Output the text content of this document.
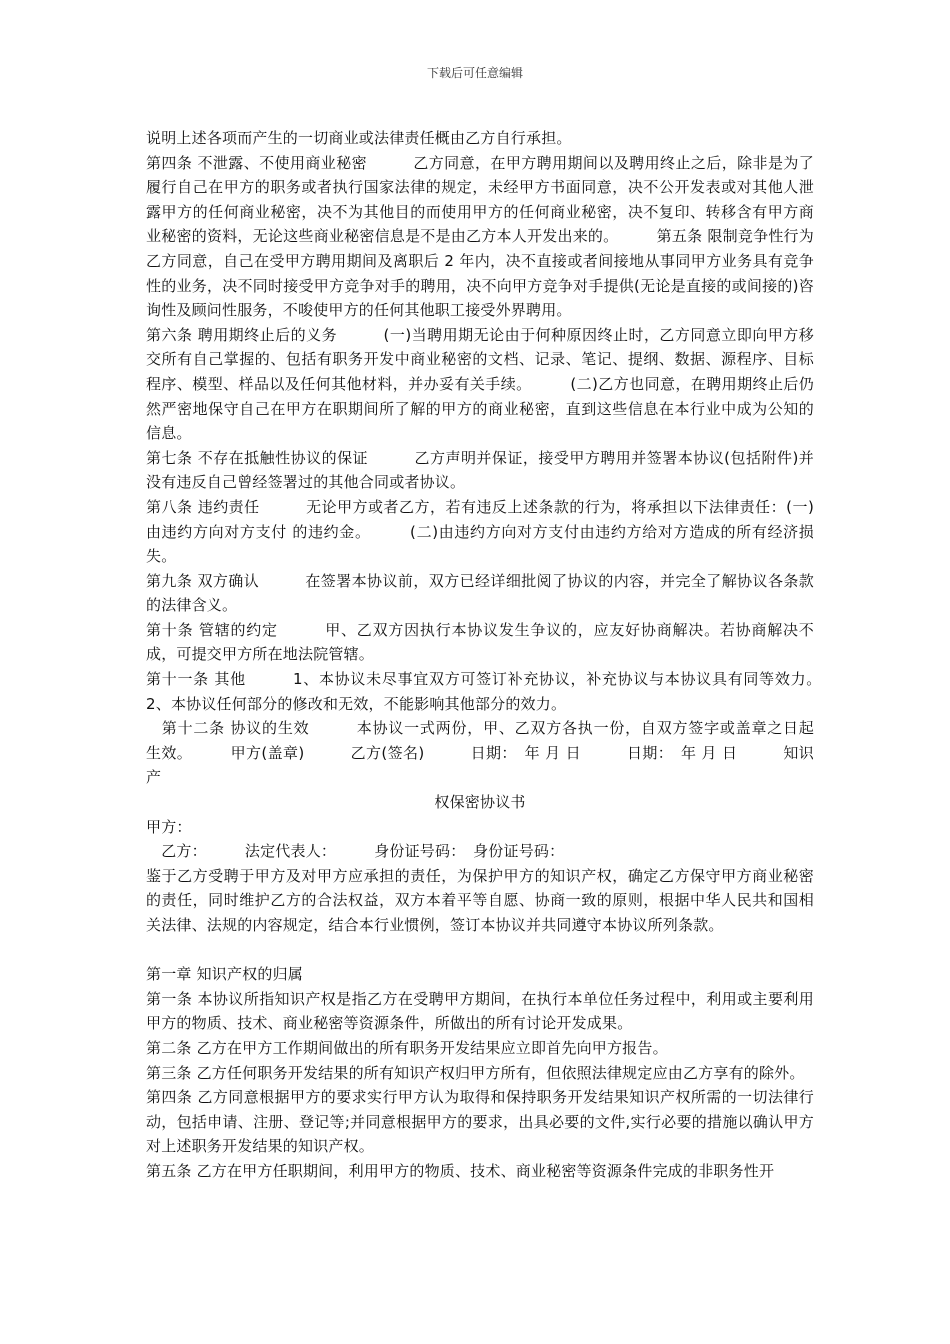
下载后可任意编辑

说明上述各项而产生的一切商业或法律责任概由乙方自行承担。

第四条 不泄露、不使用商业秘密　　　乙方同意，在甲方聘用期间以及聘用终止之后，除非是为了履行自己在甲方的职务或者执行国家法律的规定，未经甲方书面同意，决不公开发表或对其他人泄露甲方的任何商业秘密，决不为其他目的而使用甲方的任何商业秘密，决不复印、转移含有甲方商业秘密的资料，无论这些商业秘密信息是不是由乙方本人开发出来的。　　　第五条 限制竞争性行为　　　乙方同意，自己在受甲方聘用期间及离职后 2 年内，决不直接或者间接地从事同甲方业务具有竞争性的业务，决不同时接受甲方竞争对手的聘用，决不向甲方竞争对手提供(无论是直接的或间接的)咨询性及顾问性服务，不唆使甲方的任何其他职工接受外界聘用。

第六条 聘用期终止后的义务　　　(一)当聘用期无论由于何种原因终止时，乙方同意立即向甲方移交所有自己掌握的、包括有职务开发中商业秘密的文档、记录、笔记、提纲、数据、源程序、目标程序、模型、样品以及任何其他材料，并办妥有关手续。　　　(二)乙方也同意，在聘用期终止后仍然严密地保守自己在甲方在职期间所了解的甲方的商业秘密，直到这些信息在本行业中成为公知的信息。

第七条 不存在抵触性协议的保证　　　乙方声明并保证，接受甲方聘用并签署本协议(包括附件)并没有违反自己曾经签署过的其他合同或者协议。

第八条 违约责任　　　无论甲方或者乙方，若有违反上述条款的行为，将承担以下法律责任：(一)由违约方向对方支付 的违约金。　　　(二)由违约方向对方支付由违约方给对方造成的所有经济损失。

第九条 双方确认　　　在签署本协议前，双方已经详细批阅了协议的内容，并完全了解协议各条款的法律含义。

第十条 管辖的约定　　　甲、乙双方因执行本协议发生争议的，应友好协商解决。若协商解决不成，可提交甲方所在地法院管辖。

第十一条 其他　　　1、本协议未尽事宜双方可签订补充协议，补充协议与本协议具有同等效力。　　　2、本协议任何部分的修改和无效，不能影响其他部分的效力。

　第十二条 协议的生效　　　本协议一式两份，甲、乙双方各执一份，自双方签字或盖章之日起　生效。　　　甲方(盖章)　　　乙方(签名)　　　日期：　年 月 日　　　日期：　年 月 日　　　知识产

权保密协议书

甲方：

　乙方：　　　法定代表人：　　　身份证号码：　身份证号码：

鉴于乙方受聘于甲方及对甲方应承担的责任，为保护甲方的知识产权，确定乙方保守甲方商业秘密的责任，同时维护乙方的合法权益，双方本着平等自愿、协商一致的原则，根据中华人民共和国相关法律、法规的内容规定，结合本行业惯例，签订本协议并共同遵守本协议所列条款。

第一章 知识产权的归属

第一条 本协议所指知识产权是指乙方在受聘甲方期间，在执行本单位任务过程中，利用或主要利用甲方的物质、技术、商业秘密等资源条件，所做出的所有讨论开发成果。

第二条 乙方在甲方工作期间做出的所有职务开发结果应立即首先向甲方报告。

第三条 乙方任何职务开发结果的所有知识产权归甲方所有，但依照法律规定应由乙方享有的除外。

第四条 乙方同意根据甲方的要求实行甲方认为取得和保持职务开发结果知识产权所需的一切法律行动，包括申请、注册、登记等;并同意根据甲方的要求，出具必要的文件,实行必要的措施以确认甲方对上述职务开发结果的知识产权。

第五条 乙方在甲方任职期间，利用甲方的物质、技术、商业秘密等资源条件完成的非职务性开
